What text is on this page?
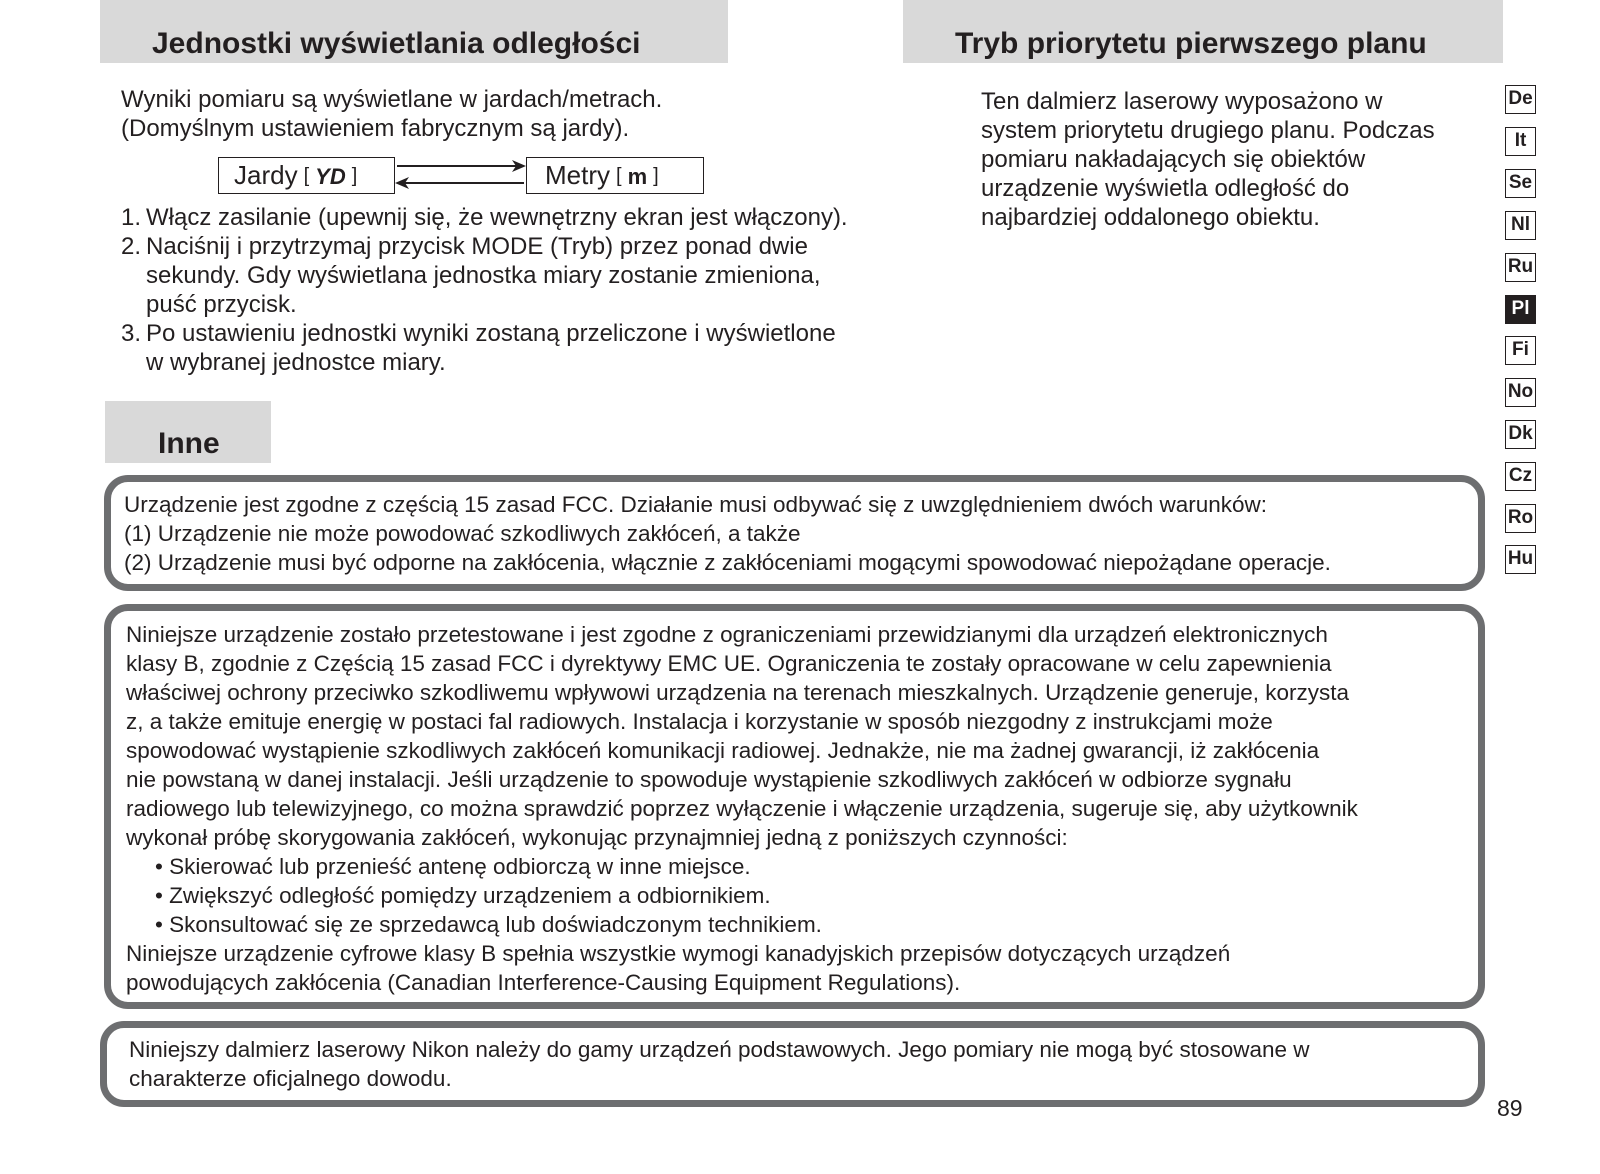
Jednostki wyświetlania odległości	Tryb priorytetu pierwszego planu
Wyniki pomiaru są wyświetlane w jardach/metrach.
(Domyślnym ustawieniem fabrycznym są jardy).
Jardy [ YD ]	Metry [ m ]
1. Włącz zasilanie (upewnij się, że wewnętrzny ekran jest włączony).
2. Naciśnij i przytrzymaj przycisk MODE (Tryb) przez ponad dwie
sekundy. Gdy wyświetlana jednostka miary zostanie zmieniona,
puść przycisk.
3. Po ustawieniu jednostki wyniki zostaną przeliczone i wyświetlone
w wybranej jednostce miary.
Ten dalmierz laserowy wyposażono w
system priorytetu drugiego planu. Podczas
pomiaru nakładających się obiektów
urządzenie wyświetla odległość do
najbardziej oddalonego obiektu.
De
It
Se
Nl
Ru
Pl
Fi
No
Dk
Cz
Ro
Hu
Inne
Urządzenie jest zgodne z częścią 15 zasad FCC. Działanie musi odbywać się z uwzględnieniem dwóch warunków:
(1) Urządzenie nie może powodować szkodliwych zakłóceń, a także
(2) Urządzenie musi być odporne na zakłócenia, włącznie z zakłóceniami mogącymi spowodować niepożądane operacje.
Niniejsze urządzenie zostało przetestowane i jest zgodne z ograniczeniami przewidzianymi dla urządzeń elektronicznych
klasy B, zgodnie z Częścią 15 zasad FCC i dyrektywy EMC UE. Ograniczenia te zostały opracowane w celu zapewnienia
właściwej ochrony przeciwko szkodliwemu wpływowi urządzenia na terenach mieszkalnych. Urządzenie generuje, korzysta
z, a także emituje energię w postaci fal radiowych. Instalacja i korzystanie w sposób niezgodny z instrukcjami może
spowodować wystąpienie szkodliwych zakłóceń komunikacji radiowej. Jednakże, nie ma żadnej gwarancji, iż zakłócenia
nie powstaną w danej instalacji. Jeśli urządzenie to spowoduje wystąpienie szkodliwych zakłóceń w odbiorze sygnału
radiowego lub telewizyjnego, co można sprawdzić poprzez wyłączenie i włączenie urządzenia, sugeruje się, aby użytkownik
wykonał próbę skorygowania zakłóceń, wykonując przynajmniej jedną z poniższych czynności:
• Skierować lub przenieść antenę odbiorczą w inne miejsce.
• Zwiększyć odległość pomiędzy urządzeniem a odbiornikiem.
• Skonsultować się ze sprzedawcą lub doświadczonym technikiem.
Niniejsze urządzenie cyfrowe klasy B spełnia wszystkie wymogi kanadyjskich przepisów dotyczących urządzeń
powodujących zakłócenia (Canadian Interference-Causing Equipment Regulations).
Niniejszy dalmierz laserowy Nikon należy do gamy urządzeń podstawowych. Jego pomiary nie mogą być stosowane w
charakterze oficjalnego dowodu.
89
